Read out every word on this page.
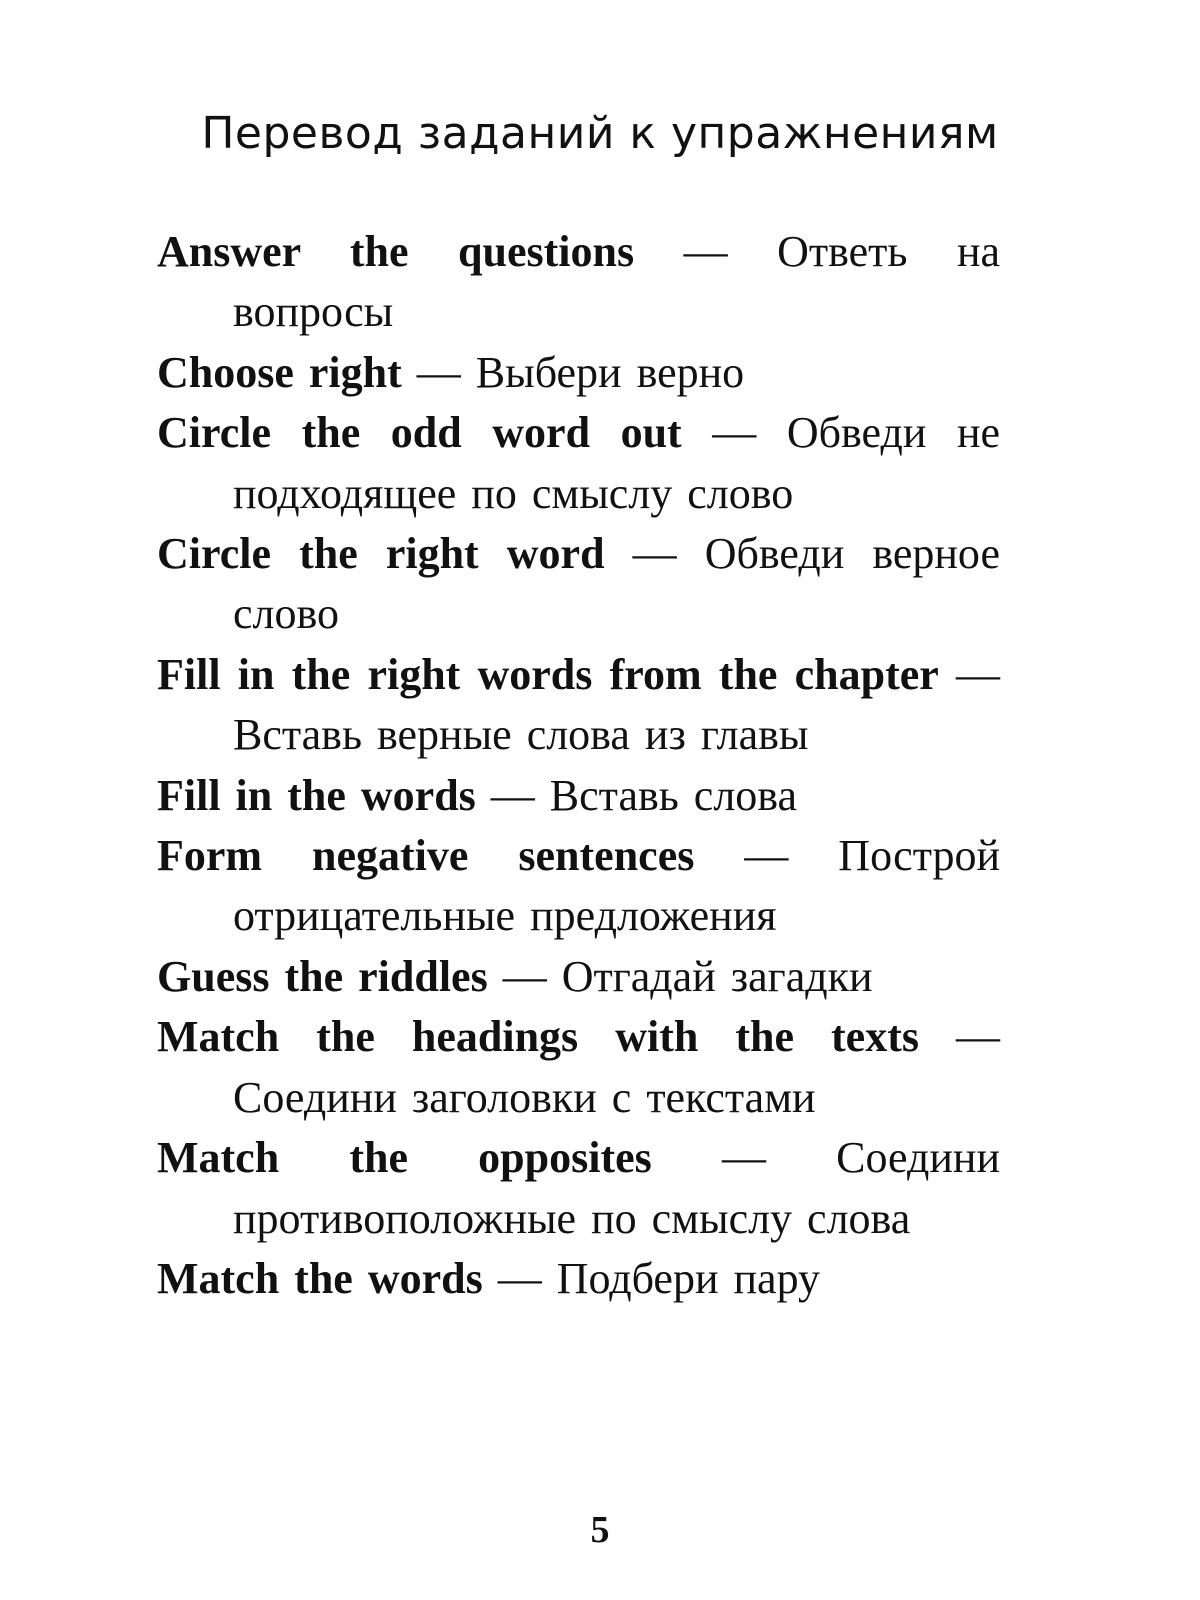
Перевод заданий к упражнениям

Answer the questions — Ответь на вопросы

Choose right — Выбери верно

Circle the odd word out — Обведи не подходящее по смыслу слово

Circle the right word — Обведи верное слово

Fill in the right words from the chapter — Вставь верные слова из главы

Fill in the words — Вставь слова

Form negative sentences — Построй отрицательные предложения

Guess the riddles — Отгадай загадки

Match the headings with the texts — Соедини заголовки с текстами

Match the opposites — Соедини противоположные по смыслу слова

Match the words — Подбери пару

5
